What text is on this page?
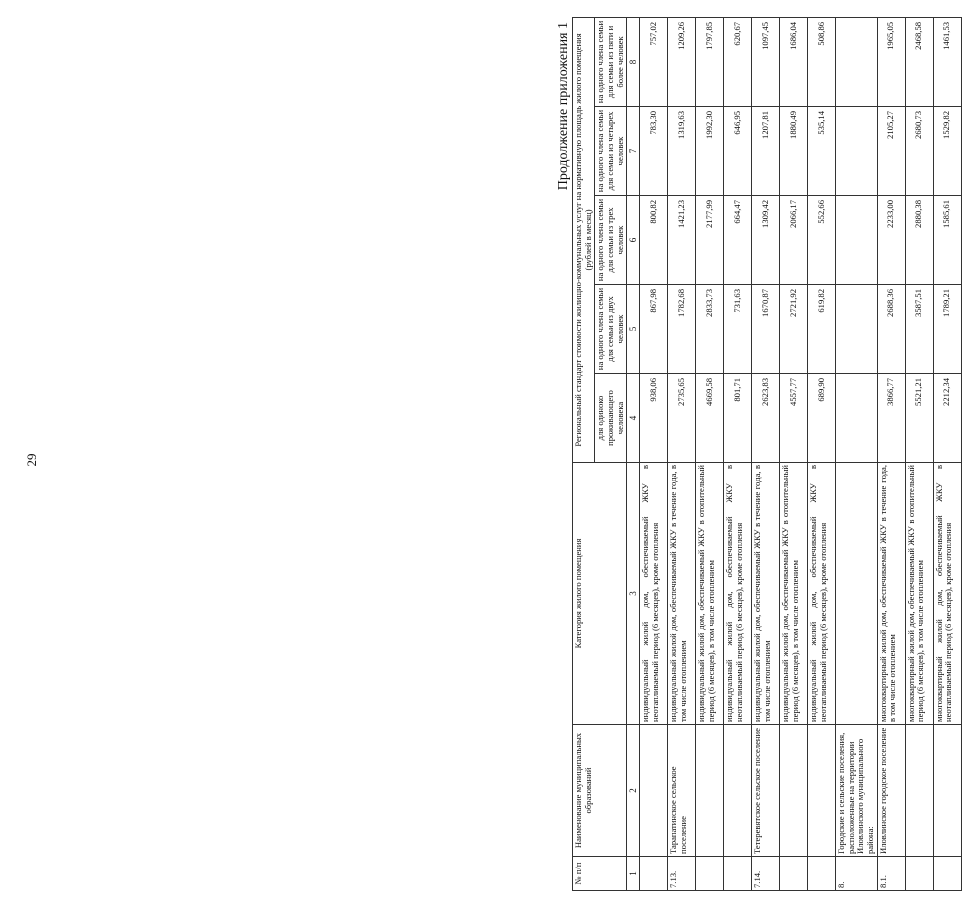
29
Продолжение приложения 1
№ п/п	Наименование муниципальных образований	Категория жилого помещения	Региональный стандарт стоимости жилищно-коммунальных услуг на нормативную площадь жилого помещения (рублей в месяц)				
			для одиноко проживающего человека	на одного члена семьи для семьи из двух человек	на одного члена семьи для семьи из трех человек	на одного члена семьи для семьи из четырех человек	на одного члена семьи для семьи из пяти и более человек
1	2	3	4	5	6	7	8
		индивидуальный жилой дом, обеспечиваемый ЖКУ в неотапливаемый период (6 месяцев), кроме отопления	938,06	867,98	800,82	783,30	757,02
7.13.	Тарапатинское сельское поселение	индивидуальный жилой дом, обеспечиваемый ЖКУ в течение года, в том числе отоплением	2735,65	1782,68	1421,23	1319,63	1209,26
		индивидуальный жилой дом, обеспечиваемый ЖКУ в отопительный период (6 месяцев), в том числе отоплением	4669,58	2833,73	2177,99	1992,30	1797,85
		индивидуальный жилой дом, обеспечиваемый ЖКУ в неотапливаемый период (6 месяцев), кроме отопления	801,71	731,63	664,47	646,95	620,67
7.14.	Тетеревятское сельское поселение	индивидуальный жилой дом, обеспечиваемый ЖКУ в течение года, в том числе отоплением	2623,83	1670,87	1309,42	1207,81	1097,45
		индивидуальный жилой дом, обеспечиваемый ЖКУ в отопительный период (6 месяцев), в том числе отоплением	4557,77	2721,92	2066,17	1880,49	1686,04
		индивидуальный жилой дом, обеспечиваемый ЖКУ в неотапливаемый период (6 месяцев), кроме отопления	689,90	619,82	552,66	535,14	508,86
8.	Городские и сельские поселения, расположенные на территории Иловлинского муниципального района:						
8.1.	Иловлинское городское поселение	многоквартирный жилой дом, обеспечиваемый ЖКУ в течение года, в том числе отоплением	3866,77	2688,36	2233,00	2105,27	1965,05
		многоквартирный жилой дом, обеспечиваемый ЖКУ в отопительный период (6 месяцев), в том числе отоплением	5521,21	3587,51	2880,38	2680,73	2468,58
		многоквартирный жилой дом, обеспечиваемый ЖКУ в неотапливаемый период (6 месяцев), кроме отопления	2212,34	1789,21	1585,61	1529,82	1461,53
